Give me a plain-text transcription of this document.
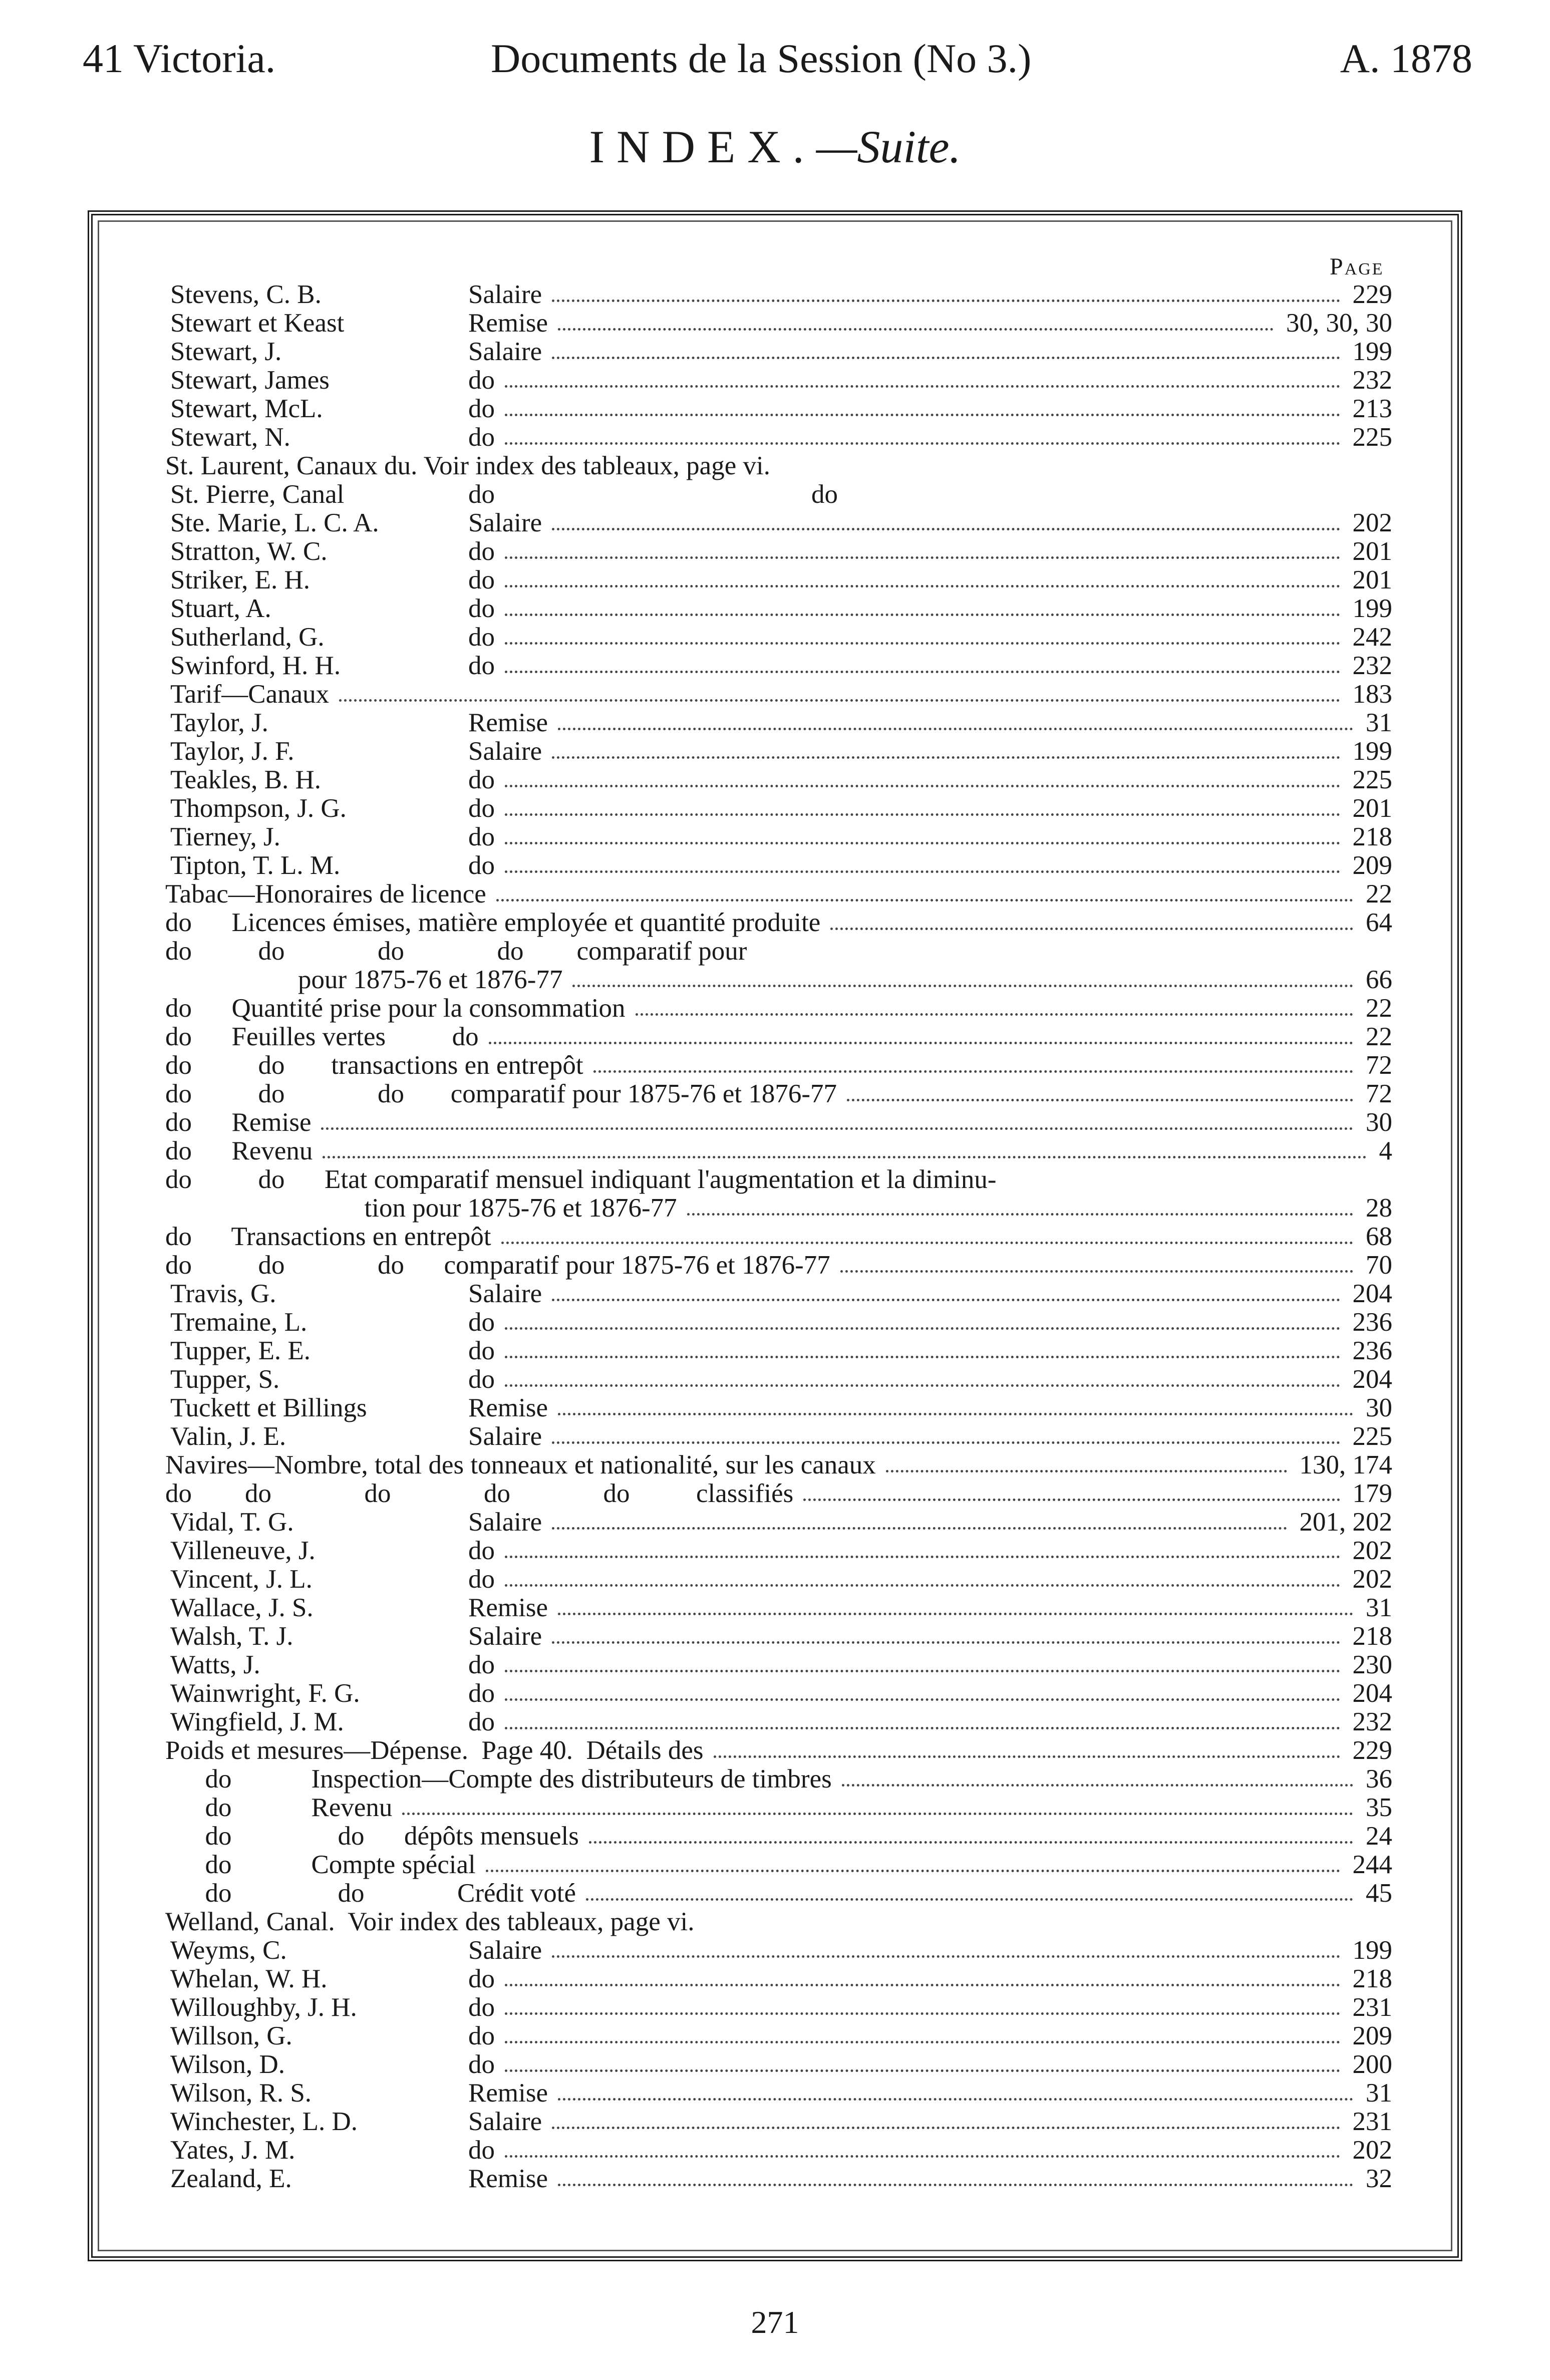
41 Victoria.	Documents de la Session (No 3.)	A. 1878
INDEX.—Suite.
Page
Stevens, C. B.	Salaire	229
Stewart et Keast	Remise	30, 30, 30
Stewart, J.	Salaire	199
Stewart, James	do	232
Stewart, McL.	do	213
Stewart, N.	do	225
St. Laurent, Canaux du. Voir index des tableaux, page vi.
St. Pierre, Canal	do	do
Ste. Marie, L. C. A.	Salaire	202
Stratton, W. C.	do	201
Striker, E. H.	do	201
Stuart, A.	do	199
Sutherland, G.	do	242
Swinford, H. H.	do	232
Tarif—Canaux	183
Taylor, J.	Remise	31
Taylor, J. F.	Salaire	199
Teakles, B. H.	do	225
Thompson, J. G.	do	201
Tierney, J.	do	218
Tipton, T. L. M.	do	209
Tabac—Honoraires de licence	22
do      Licences émises, matière employée et quantité produite	64
do          do              do              do        comparatif pour
pour 1875-76 et 1876-77	66
do      Quantité prise pour la consommation	22
do      Feuilles vertes          do	22
do          do       transactions en entrepôt	72
do          do              do       comparatif pour 1875-76 et 1876-77	72
do      Remise	30
do      Revenu	4
do          do      Etat comparatif mensuel indiquant l'augmentation et la diminu-
tion pour 1875-76 et 1876-77	28
do      Transactions en entrepôt	68
do          do              do      comparatif pour 1875-76 et 1876-77	70
Travis, G.	Salaire	204
Tremaine, L.	do	236
Tupper, E. E.	do	236
Tupper, S.	do	204
Tuckett et Billings	Remise	30
Valin, J. E.	Salaire	225
Navires—Nombre, total des tonneaux et nationalité, sur les canaux	130, 174
do        do              do              do              do          classifiés	179
Vidal, T. G.	Salaire	201, 202
Villeneuve, J.	do	202
Vincent, J. L.	do	202
Wallace, J. S.	Remise	31
Walsh, T. J.	Salaire	218
Watts, J.	do	230
Wainwright, F. G.	do	204
Wingfield, J. M.	do	232
Poids et mesures—Dépense.  Page 40.  Détails des	229
do            Inspection—Compte des distributeurs de timbres	36
do            Revenu	35
do                do      dépôts mensuels	24
do            Compte spécial	244
do                do              Crédit voté	45
Welland, Canal.  Voir index des tableaux, page vi.
Weyms, C.	Salaire	199
Whelan, W. H.	do	218
Willoughby, J. H.	do	231
Willson, G.	do	209
Wilson, D.	do	200
Wilson, R. S.	Remise	31
Winchester, L. D.	Salaire	231
Yates, J. M.	do	202
Zealand, E.	Remise	32
271
